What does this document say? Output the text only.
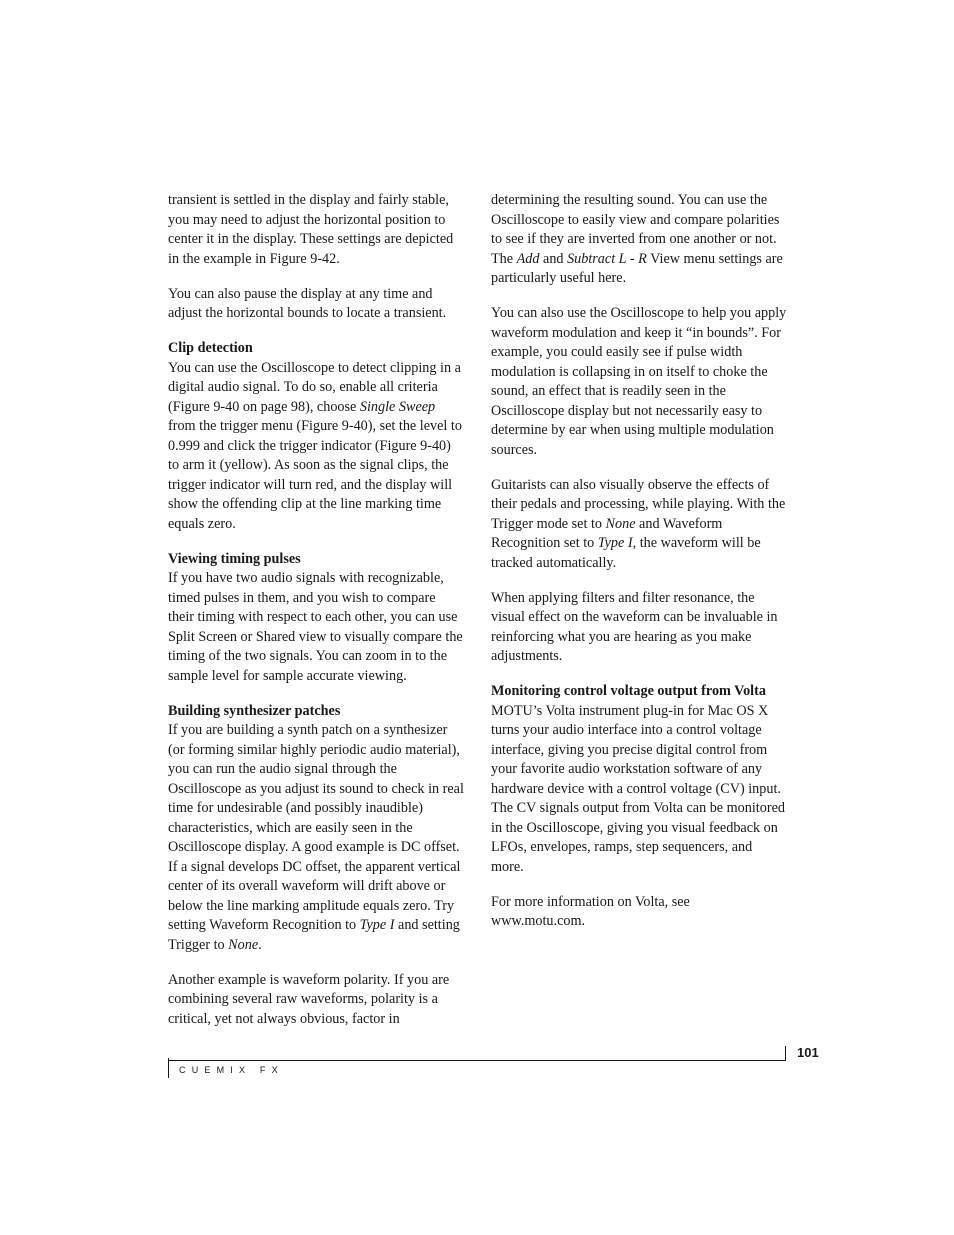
transient is settled in the display and fairly stable, you may need to adjust the horizontal position to center it in the display. These settings are depicted in the example in Figure 9-42.

You can also pause the display at any time and adjust the horizontal bounds to locate a transient.

Clip detection
You can use the Oscilloscope to detect clipping in a digital audio signal. To do so, enable all criteria (Figure 9-40 on page 98), choose Single Sweep from the trigger menu (Figure 9-40), set the level to 0.999 and click the trigger indicator (Figure 9-40) to arm it (yellow). As soon as the signal clips, the trigger indicator will turn red, and the display will show the offending clip at the line marking time equals zero.

Viewing timing pulses
If you have two audio signals with recognizable, timed pulses in them, and you wish to compare their timing with respect to each other, you can use Split Screen or Shared view to visually compare the timing of the two signals. You can zoom in to the sample level for sample accurate viewing.

Building synthesizer patches
If you are building a synth patch on a synthesizer (or forming similar highly periodic audio material), you can run the audio signal through the Oscilloscope as you adjust its sound to check in real time for undesirable (and possibly inaudible) characteristics, which are easily seen in the Oscilloscope display. A good example is DC offset. If a signal develops DC offset, the apparent vertical center of its overall waveform will drift above or below the line marking amplitude equals zero. Try setting Waveform Recognition to Type I and setting Trigger to None.

Another example is waveform polarity. If you are combining several raw waveforms, polarity is a critical, yet not always obvious, factor in

determining the resulting sound. You can use the Oscilloscope to easily view and compare polarities to see if they are inverted from one another or not. The Add and Subtract L - R View menu settings are particularly useful here.

You can also use the Oscilloscope to help you apply waveform modulation and keep it “in bounds”. For example, you could easily see if pulse width modulation is collapsing in on itself to choke the sound, an effect that is readily seen in the Oscilloscope display but not necessarily easy to determine by ear when using multiple modulation sources.

Guitarists can also visually observe the effects of their pedals and processing, while playing. With the Trigger mode set to None and Waveform Recognition set to Type I, the waveform will be tracked automatically.

When applying filters and filter resonance, the visual effect on the waveform can be invaluable in reinforcing what you are hearing as you make adjustments.

Monitoring control voltage output from Volta
MOTU’s Volta instrument plug-in for Mac OS X turns your audio interface into a control voltage interface, giving you precise digital control from your favorite audio workstation software of any hardware device with a control voltage (CV) input. The CV signals output from Volta can be monitored in the Oscilloscope, giving you visual feedback on LFOs, envelopes, ramps, step sequencers, and more.

For more information on Volta, see www.motu.com.

101
CUEMIX FX
